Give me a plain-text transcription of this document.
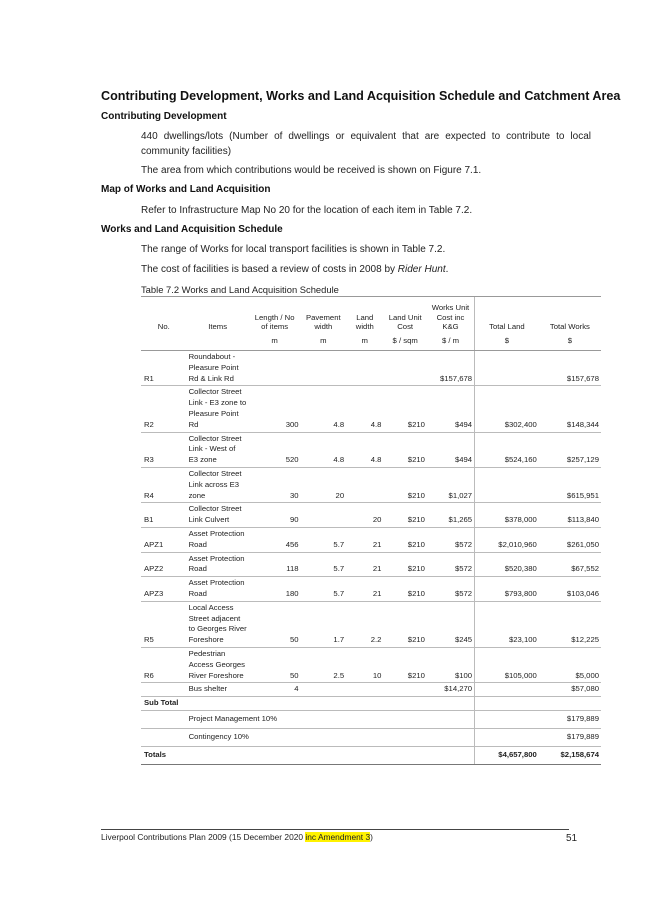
Contributing Development, Works and Land Acquisition Schedule and Catchment Area
Contributing Development
440 dwellings/lots (Number of dwellings or equivalent that are expected to contribute to local community facilities)
The area from which contributions would be received is shown on Figure 7.1.
Map of Works and Land Acquisition
Refer to Infrastructure Map No 20 for the location of each item in Table 7.2.
Works and Land Acquisition Schedule
The range of Works for local transport facilities is shown in Table 7.2.
The cost of facilities is based a review of costs in 2008 by Rider Hunt.
Table 7.2 Works and Land Acquisition Schedule

No.	Items	Length / No of items	Pavement width	Land width	Land Unit Cost	Works Unit Cost inc K&G	Total Land	Total Works
		m	m	m	$ / sqm	$ / m	$	$
R1	Roundabout - Pleasure Point Rd & Link Rd					$157,678		$157,678
R2	Collector Street Link - E3 zone to Pleasure Point Rd	300	4.8	4.8	$210	$494	$302,400	$148,344
R3	Collector Street Link - West of E3 zone	520	4.8	4.8	$210	$494	$524,160	$257,129
R4	Collector Street Link across E3 zone	30	20		$210	$1,027		$615,951
B1	Collector Street Link Culvert	90		20	$210	$1,265	$378,000	$113,840
APZ1	Asset Protection Road	456	5.7	21	$210	$572	$2,010,960	$261,050
APZ2	Asset Protection Road	118	5.7	21	$210	$572	$520,380	$67,552
APZ3	Asset Protection Road	180	5.7	21	$210	$572	$793,800	$103,046
R5	Local Access Street adjacent to Georges River Foreshore	50	1.7	2.2	$210	$245	$23,100	$12,225
R6	Pedestrian Access Georges River Foreshore	50	2.5	10	$210	$100	$105,000	$5,000
	Bus shelter	4				$14,270		$57,080
Sub Total								
	Project Management 10%							$179,889
	Contingency 10%							$179,889
Totals							$4,657,800	$2,158,674
Liverpool Contributions Plan 2009 (15 December 2020 inc Amendment 3)	51
